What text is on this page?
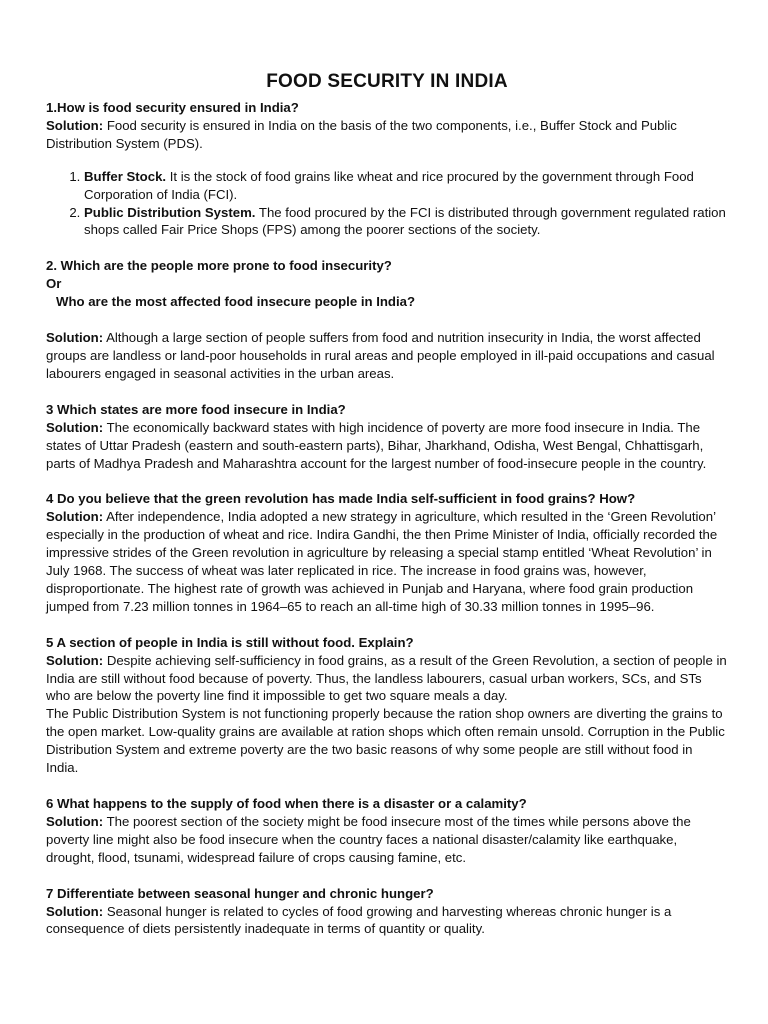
FOOD SECURITY IN INDIA

1.How is food security ensured in India?

Solution: Food security is ensured in India on the basis of the two components, i.e., Buffer Stock and Public Distribution System (PDS).

1. Buffer Stock. It is the stock of food grains like wheat and rice procured by the government through Food Corporation of India (FCI).
2. Public Distribution System. The food procured by the FCI is distributed through government regulated ration shops called Fair Price Shops (FPS) among the poorer sections of the society.

2. Which are the people more prone to food insecurity?

Or

Who are the most affected food insecure people in India?

Solution: Although a large section of people suffers from food and nutrition insecurity in India, the worst affected groups are landless or land-poor households in rural areas and people employed in ill-paid occupations and casual labourers engaged in seasonal activities in the urban areas.

3 Which states are more food insecure in India?

Solution: The economically backward states with high incidence of poverty are more food insecure in India. The states of Uttar Pradesh (eastern and south-eastern parts), Bihar, Jharkhand, Odisha, West Bengal, Chhattisgarh, parts of Madhya Pradesh and Maharashtra account for the largest number of food-insecure people in the country.

4 Do you believe that the green revolution has made India self-sufficient in food grains? How?

Solution: After independence, India adopted a new strategy in agriculture, which resulted in the ‘Green Revolution’ especially in the production of wheat and rice. Indira Gandhi, the then Prime Minister of India, officially recorded the impressive strides of the Green revolution in agriculture by releasing a special stamp entitled ‘Wheat Revolution’ in July 1968. The success of wheat was later replicated in rice. The increase in food grains was, however, disproportionate. The highest rate of growth was achieved in Punjab and Haryana, where food grain production jumped from 7.23 million tonnes in 1964–65 to reach an all-time high of 30.33 million tonnes in 1995–96.

5 A section of people in India is still without food. Explain?

Solution: Despite achieving self-sufficiency in food grains, as a result of the Green Revolution, a section of people in India are still without food because of poverty. Thus, the landless labourers, casual urban workers, SCs, and STs who are below the poverty line find it impossible to get two square meals a day.

The Public Distribution System is not functioning properly because the ration shop owners are diverting the grains to the open market. Low-quality grains are available at ration shops which often remain unsold. Corruption in the Public Distribution System and extreme poverty are the two basic reasons of why some people are still without food in India.

6 What happens to the supply of food when there is a disaster or a calamity?

Solution: The poorest section of the society might be food insecure most of the times while persons above the poverty line might also be food insecure when the country faces a national disaster/calamity like earthquake, drought, flood, tsunami, widespread failure of crops causing famine, etc.

7 Differentiate between seasonal hunger and chronic hunger?

Solution: Seasonal hunger is related to cycles of food growing and harvesting whereas chronic hunger is a consequence of diets persistently inadequate in terms of quantity or quality.
